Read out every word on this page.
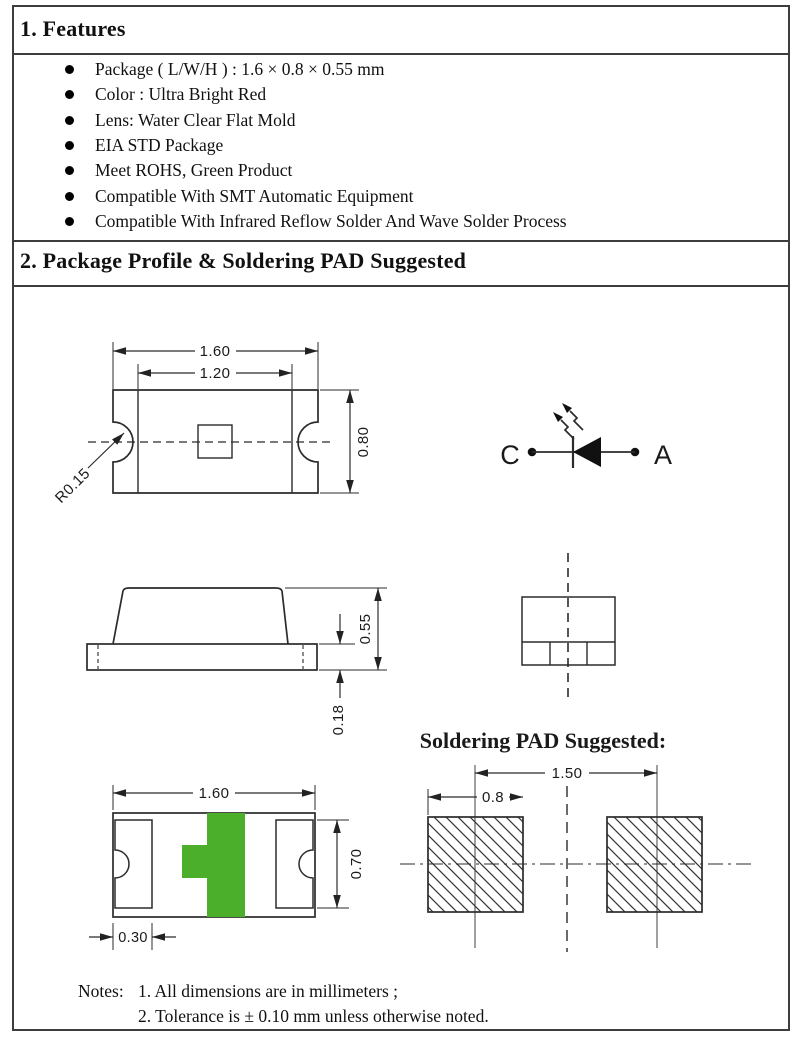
1. Features
Package ( L/W/H ) : 1.6 × 0.8 × 0.55 mm
Color : Ultra Bright Red
Lens: Water Clear Flat Mold
EIA STD Package
Meet ROHS, Green Product
Compatible With SMT Automatic Equipment
Compatible With Infrared Reflow Solder And Wave Solder Process
2. Package Profile & Soldering PAD Suggested
1.60
1.20
0.80
R0.15
C	A
0.55
0.18
Soldering PAD Suggested:
1.50
0.8
1.60
0.70
0.30
Notes: 1. All dimensions are in millimeters ;
2. Tolerance is ± 0.10 mm unless otherwise noted.
